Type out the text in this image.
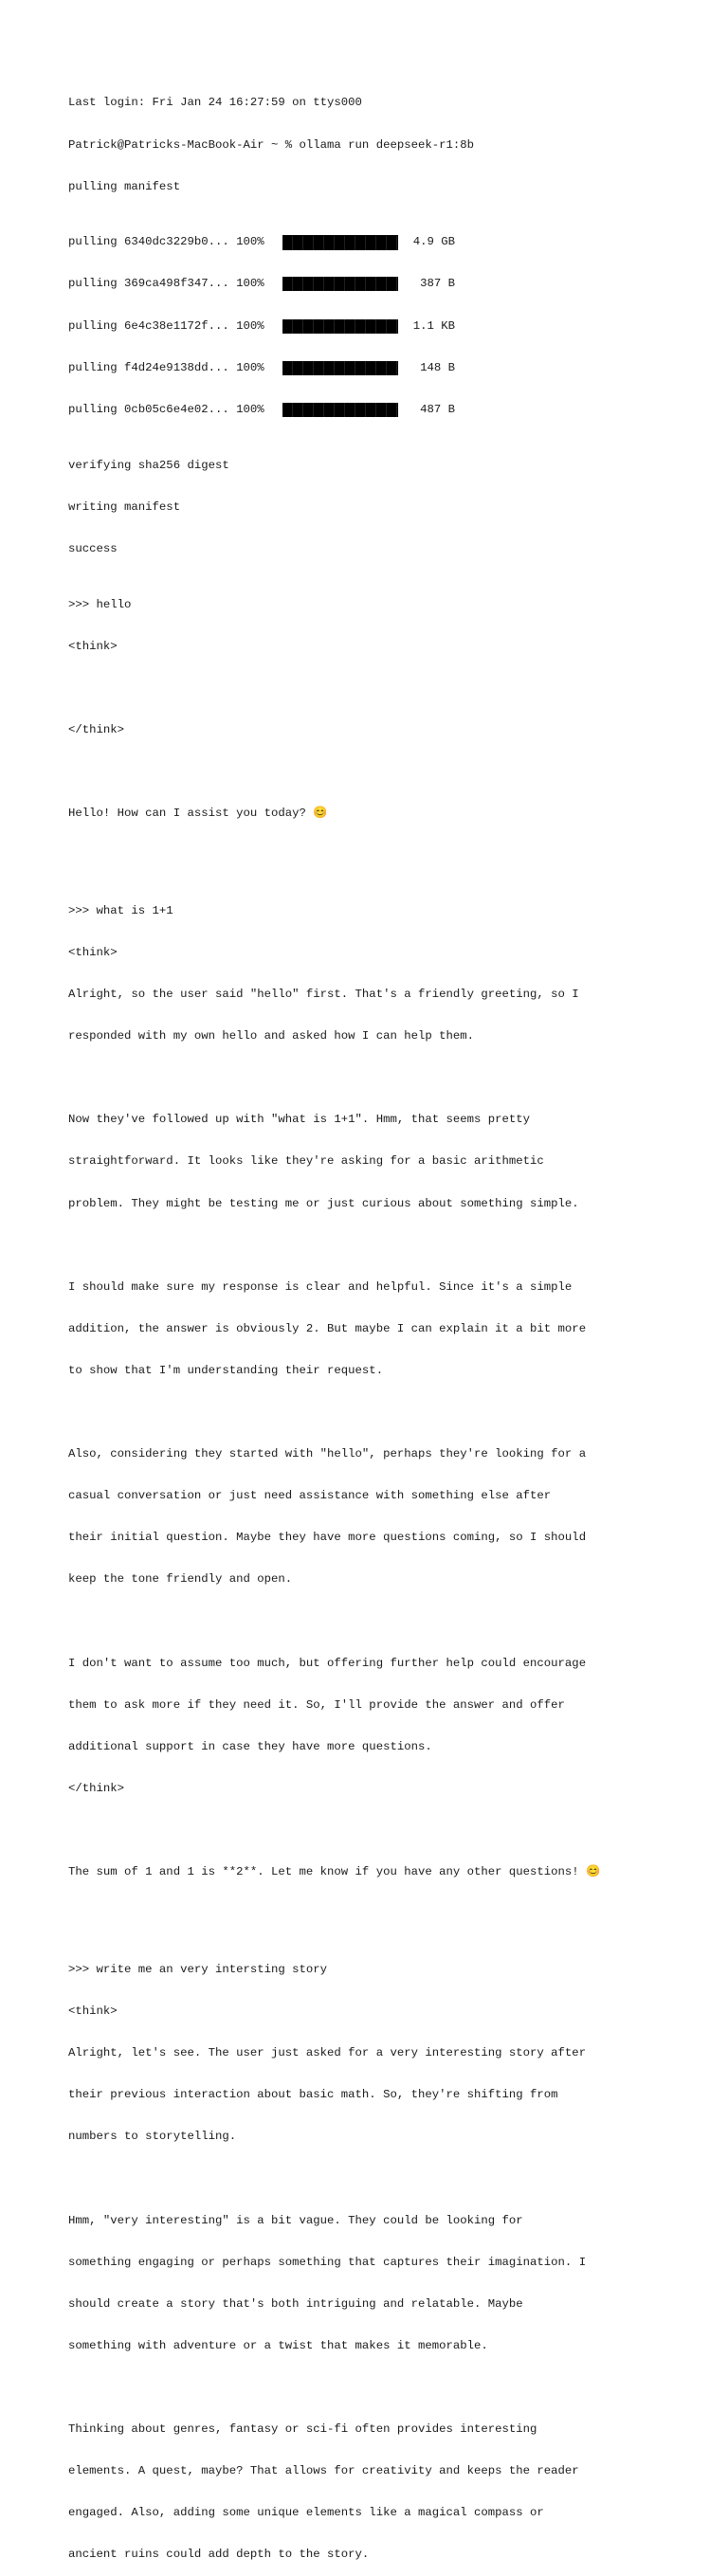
Last login: Fri Jan 24 16:27:59 on ttys000

Patrick@Patricks-MacBook-Air ~ % ollama run deepseek-r1:8b

pulling manifest

pulling 6340dc3229b0... 100%

	4.9 GB

pulling 369ca498f347... 100%

	387 B

pulling 6e4c38e1172f... 100%

	1.1 KB

pulling f4d24e9138dd... 100%

	148 B

pulling 0cb05c6e4e02... 100%

	487 B

verifying sha256 digest

writing manifest

success

>>> hello

<think>

</think>

Hello! How can I assist you today? 😊

>>> what is 1+1

<think>

Alright, so the user said "hello" first. That's a friendly greeting, so I

responded with my own hello and asked how I can help them.

Now they've followed up with "what is 1+1". Hmm, that seems pretty

straightforward. It looks like they're asking for a basic arithmetic

problem. They might be testing me or just curious about something simple.

I should make sure my response is clear and helpful. Since it's a simple

addition, the answer is obviously 2. But maybe I can explain it a bit more

to show that I'm understanding their request.

Also, considering they started with "hello", perhaps they're looking for a

casual conversation or just need assistance with something else after

their initial question. Maybe they have more questions coming, so I should

keep the tone friendly and open.

I don't want to assume too much, but offering further help could encourage

them to ask more if they need it. So, I'll provide the answer and offer

additional support in case they have more questions.

</think>

The sum of 1 and 1 is **2**. Let me know if you have any other questions! 😊

>>> write me an very intersting story

<think>

Alright, let's see. The user just asked for a very interesting story after

their previous interaction about basic math. So, they're shifting from

numbers to storytelling.

Hmm, "very interesting" is a bit vague. They could be looking for

something engaging or perhaps something that captures their imagination. I

should create a story that's both intriguing and relatable. Maybe

something with adventure or a twist that makes it memorable.

Thinking about genres, fantasy or sci-fi often provides interesting

elements. A quest, maybe? That allows for creativity and keeps the reader

engaged. Also, adding some unique elements like a magical compass or

ancient ruins could add depth to the story.
